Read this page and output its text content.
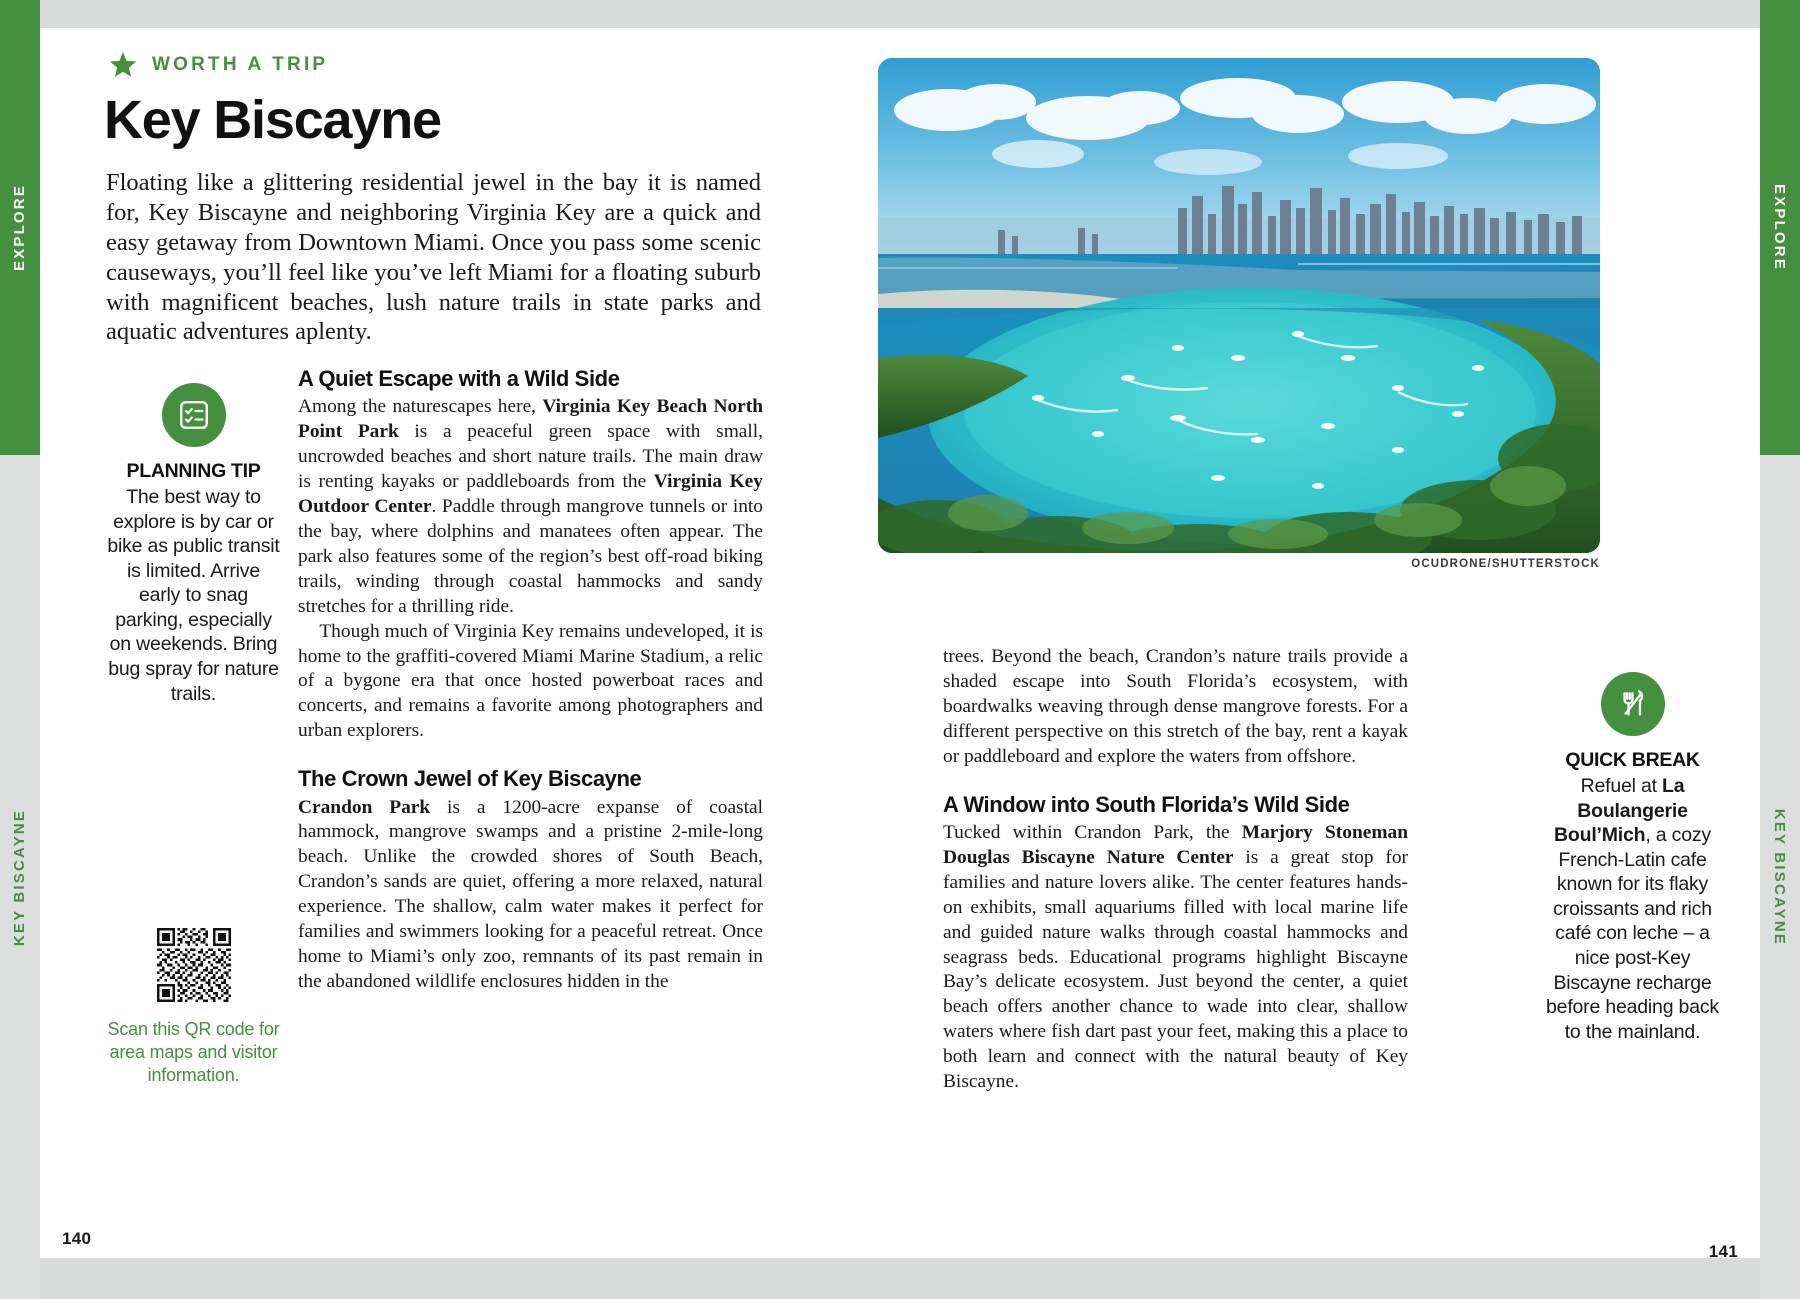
EXPLORE
KEY BISCAYNE
EXPLORE
KEY BISCAYNE
WORTH A TRIP
Key Biscayne
Floating like a glittering residential jewel in the bay it is named for, Key Biscayne and neighboring Virginia Key are a quick and easy getaway from Downtown Miami. Once you pass some scenic causeways, you’ll feel like you’ve left Miami for a floating suburb with magnificent beaches, lush nature trails in state parks and aquatic adventures aplenty.
PLANNING TIP
The best way to explore is by car or bike as public transit is limited. Arrive early to snag parking, especially on weekends. Bring bug spray for nature trails.
Scan this QR code for area maps and visitor information.
A Quiet Escape with a Wild Side

Among the naturescapes here, Virginia Key Beach North Point Park is a peaceful green space with small, uncrowded beaches and short nature trails. The main draw is renting kayaks or paddleboards from the Virginia Key Outdoor Center. Paddle through mangrove tunnels or into the bay, where dolphins and manatees often appear. The park also features some of the region’s best off-road biking trails, winding through coastal hammocks and sandy stretches for a thrilling ride.

Though much of Virginia Key remains undeveloped, it is home to the graffiti-covered Miami Marine Stadium, a relic of a bygone era that once hosted powerboat races and concerts, and remains a favorite among photographers and urban explorers.

The Crown Jewel of Key Biscayne

Crandon Park is a 1200-acre expanse of coastal hammock, mangrove swamps and a pristine 2-mile-long beach. Unlike the crowded shores of South Beach, Crandon’s sands are quiet, offering a more relaxed, natural experience. The shallow, calm water makes it perfect for families and swimmers looking for a peaceful retreat. Once home to Miami’s only zoo, remnants of its past remain in the abandoned wildlife enclosures hidden in the

140
OCUDRONE/SHUTTERSTOCK

trees. Beyond the beach, Crandon’s nature trails provide a shaded escape into South Florida’s ecosystem, with boardwalks weaving through dense mangrove forests. For a different perspective on this stretch of the bay, rent a kayak or paddleboard and explore the waters from offshore.

A Window into South Florida’s Wild Side

Tucked within Crandon Park, the Marjory Stoneman Douglas Biscayne Nature Center is a great stop for families and nature lovers alike. The center features hands-on exhibits, small aquariums filled with local marine life and guided nature walks through coastal hammocks and seagrass beds. Educational programs highlight Biscayne Bay’s delicate ecosystem. Just beyond the center, a quiet beach offers another chance to wade into clear, shallow waters where fish dart past your feet, making this a place to both learn and connect with the natural beauty of Key Biscayne.

QUICK BREAK
Refuel at La Boulangerie Boul’Mich, a cozy French-Latin cafe known for its flaky croissants and rich café con leche – a nice post-Key Biscayne recharge before heading back to the mainland.
141
